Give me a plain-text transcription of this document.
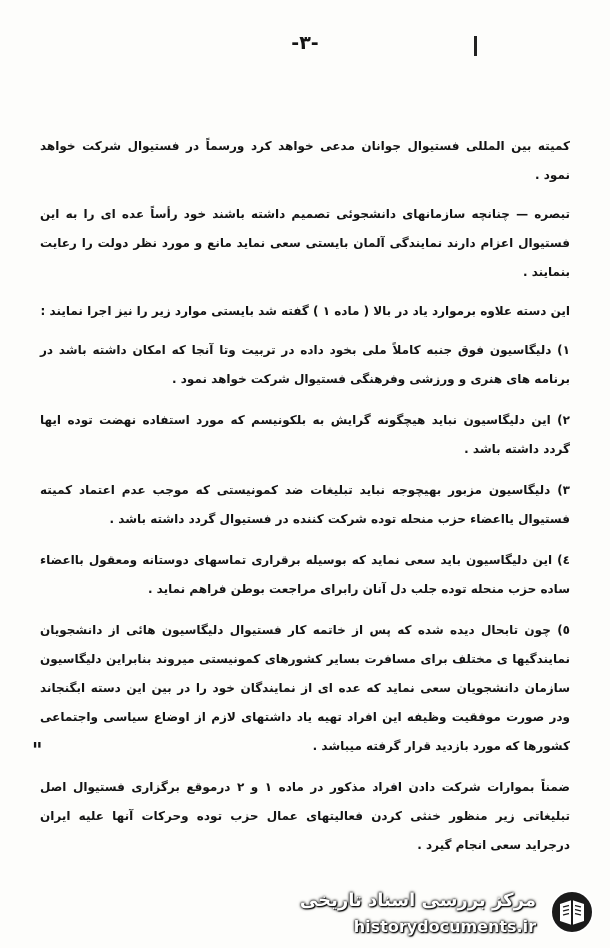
-٣-

کمیته بین المللی فستیوال جوانان مدعی خواهد کرد ورسماً در فستیوال شرکت خواهد نمود .

تبصره — چنانچه سازمانهای دانشجوئی تصمیم داشته باشند خود رأساً عده ای را به این فستیوال اعزام دارند نمایندگی آلمان بایستی سعی نماید مانع و مورد نظر دولت را رعایت بنمایند .

این دسته علاوه برموارد یاد در بالا ( ماده ١ ) گفته شد بایستی موارد زیر را نیز اجرا نمایند :

١) دلیگاسیون فوق جنبه کاملاً ملی بخود داده در تربیت وتا آنجا که امکان داشته باشد در برنامه های هنری و ورزشی وفرهنگی فستیوال شرکت خواهد نمود .

٢) این دلیگاسیون نباید هیچگونه گرایش به بلکونیسم که مورد استفاده نهضت توده ایها گردد داشته باشد .

٣) دلیگاسیون مزبور بهیچوجه نباید تبلیغات ضد کمونیستی که موجب عدم اعتماد کمیته فستیوال یااعضاء حزب منحله توده شرکت کننده در فستیوال گردد داشته باشد .

٤) این دلیگاسیون باید سعی نماید که بوسیله برقراری تماسهای دوستانه ومعقول بااعضاء ساده حزب منحله توده جلب دل آنان رابرای مراجعت بوطن فراهم نماید .

٥) چون تابحال دیده شده که پس از خاتمه کار فستیوال دلیگاسیون هائی از دانشجویان نمایندگیها ی مختلف برای مسافرت بسایر کشورهای کمونیستی میروند بنابراین دلیگاسیون سازمان دانشجویان سعی نماید که عده ای از نمایندگان خود را در بین این دسته ابگنجاند ودر صورت موفقیت وظیفه این افراد تهیه یاد داشتهای لازم از اوضاع سیاسی واجتماعی کشورها که مورد بازدید قرار گرفته میباشد .

ضمناً بموارات شرکت دادن افراد مذکور در ماده ١ و ٢ درموقع برگزاری فستیوال اصل تبلیغاتی زیر منظور خنثی کردن فعالیتهای عمال حزب توده وحرکات آنها علیه ایران درجراید سعی انجام گیرد .

"
مرکز بررسی اسناد تاریخی
historydocuments.ir
